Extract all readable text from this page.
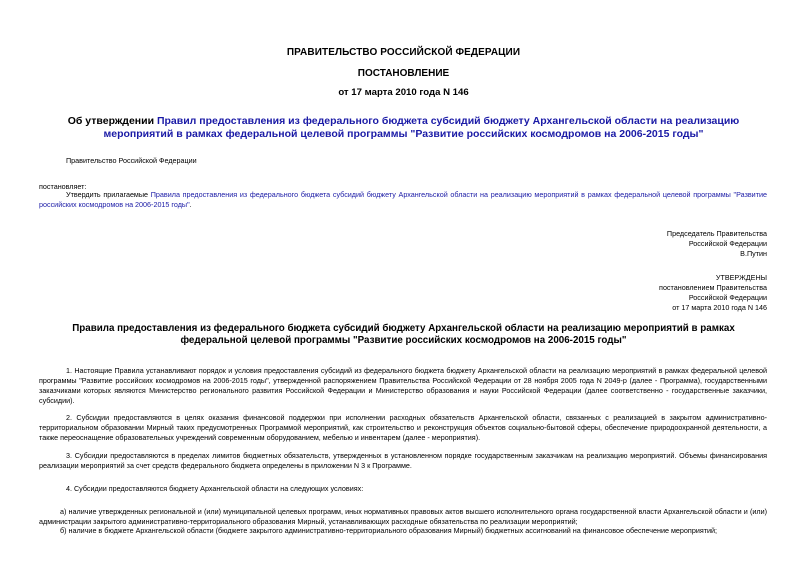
ПРАВИТЕЛЬСТВО РОССИЙСКОЙ ФЕДЕРАЦИИ
ПОСТАНОВЛЕНИЕ
от 17 марта 2010 года N 146
Об утверждении Правил предоставления из федерального бюджета субсидий бюджету Архангельской области на реализацию мероприятий в рамках федеральной целевой программы "Развитие российских космодромов на 2006-2015 годы"
Правительство Российской Федерации
постановляет:
Утвердить прилагаемые Правила предоставления из федерального бюджета субсидий бюджету Архангельской области на реализацию мероприятий в рамках федеральной целевой программы "Развитие российских космодромов на 2006-2015 годы".
Председатель Правительства
Российской Федерации
В.Путин
УТВЕРЖДЕНЫ
постановлением Правительства
Российской Федерации
от 17 марта 2010 года N 146
Правила предоставления из федерального бюджета субсидий бюджету Архангельской области на реализацию мероприятий в рамках федеральной целевой программы "Развитие российских космодромов на 2006-2015 годы"
1. Настоящие Правила устанавливают порядок и условия предоставления субсидий из федерального бюджета бюджету Архангельской области на реализацию мероприятий в рамках федеральной целевой программы "Развитие российских космодромов на 2006-2015 годы", утвержденной распоряжением Правительства Российской Федерации от 28 ноября 2005 года N 2049-р (далее - Программа), государственными заказчиками которых являются Министерство регионального развития Российской Федерации и Министерство образования и науки Российской Федерации (далее соответственно - государственные заказчики, субсидии).
2. Субсидии предоставляются в целях оказания финансовой поддержки при исполнении расходных обязательств Архангельской области, связанных с реализацией в закрытом административно-территориальном образовании Мирный таких предусмотренных Программой мероприятий, как строительство и реконструкция объектов социально-бытовой сферы, обеспечение природоохранной деятельности, а также переоснащение образовательных учреждений современным оборудованием, мебелью и инвентарем (далее - мероприятия).
3. Субсидии предоставляются в пределах лимитов бюджетных обязательств, утвержденных в установленном порядке государственным заказчикам на реализацию мероприятий. Объемы финансирования реализации мероприятий за счет средств федерального бюджета определены в приложении N 3 к Программе.
4. Субсидии предоставляются бюджету Архангельской области на следующих условиях:
а) наличие утвержденных региональной и (или) муниципальной целевых программ, иных нормативных правовых актов высшего исполнительного органа государственной власти Архангельской области и (или) администрации закрытого административно-территориального образования Мирный, устанавливающих расходные обязательства по реализации мероприятий;
б) наличие в бюджете Архангельской области (бюджете закрытого административно-территориального образования Мирный) бюджетных ассигнований на финансовое обеспечение мероприятий;
